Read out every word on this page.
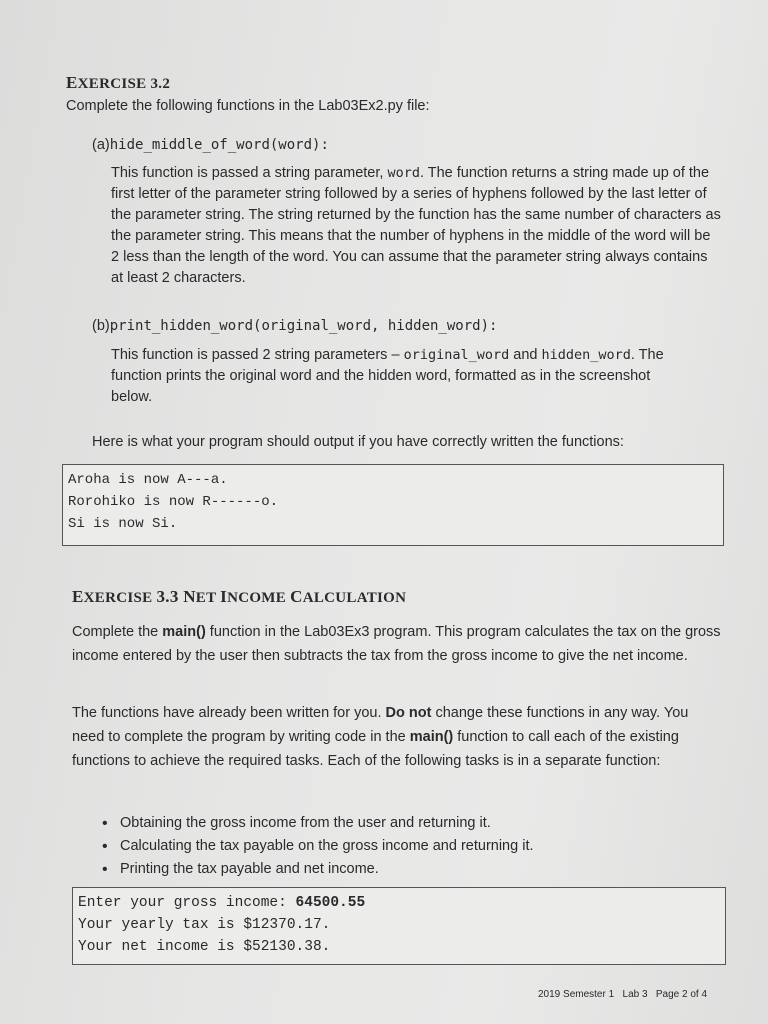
EXERCISE 3.2
Complete the following functions in the Lab03Ex2.py file:
(a)hide_middle_of_word(word):
This function is passed a string parameter, word. The function returns a string made up of the first letter of the parameter string followed by a series of hyphens followed by the last letter of the parameter string. The string returned by the function has the same number of characters as the parameter string. This means that the number of hyphens in the middle of the word will be 2 less than the length of the word. You can assume that the parameter string always contains at least 2 characters.
(b)print_hidden_word(original_word, hidden_word):
This function is passed 2 string parameters – original_word and hidden_word. The function prints the original word and the hidden word, formatted as in the screenshot below.
Here is what your program should output if you have correctly written the functions:
Aroha is now A---a.
Rorohiko is now R------o.
Si is now Si.
EXERCISE 3.3 NET INCOME CALCULATION
Complete the main() function in the Lab03Ex3 program. This program calculates the tax on the gross income entered by the user then subtracts the tax from the gross income to give the net income.
The functions have already been written for you. Do not change these functions in any way. You need to complete the program by writing code in the main() function to call each of the existing functions to achieve the required tasks. Each of the following tasks is in a separate function:
• Obtaining the gross income from the user and returning it.
• Calculating the tax payable on the gross income and returning it.
• Printing the tax payable and net income.
Enter your gross income: 64500.55
Your yearly tax is $12370.17.
Your net income is $52130.38.
2019 Semester 1 Lab 3 Page 2 of 4
